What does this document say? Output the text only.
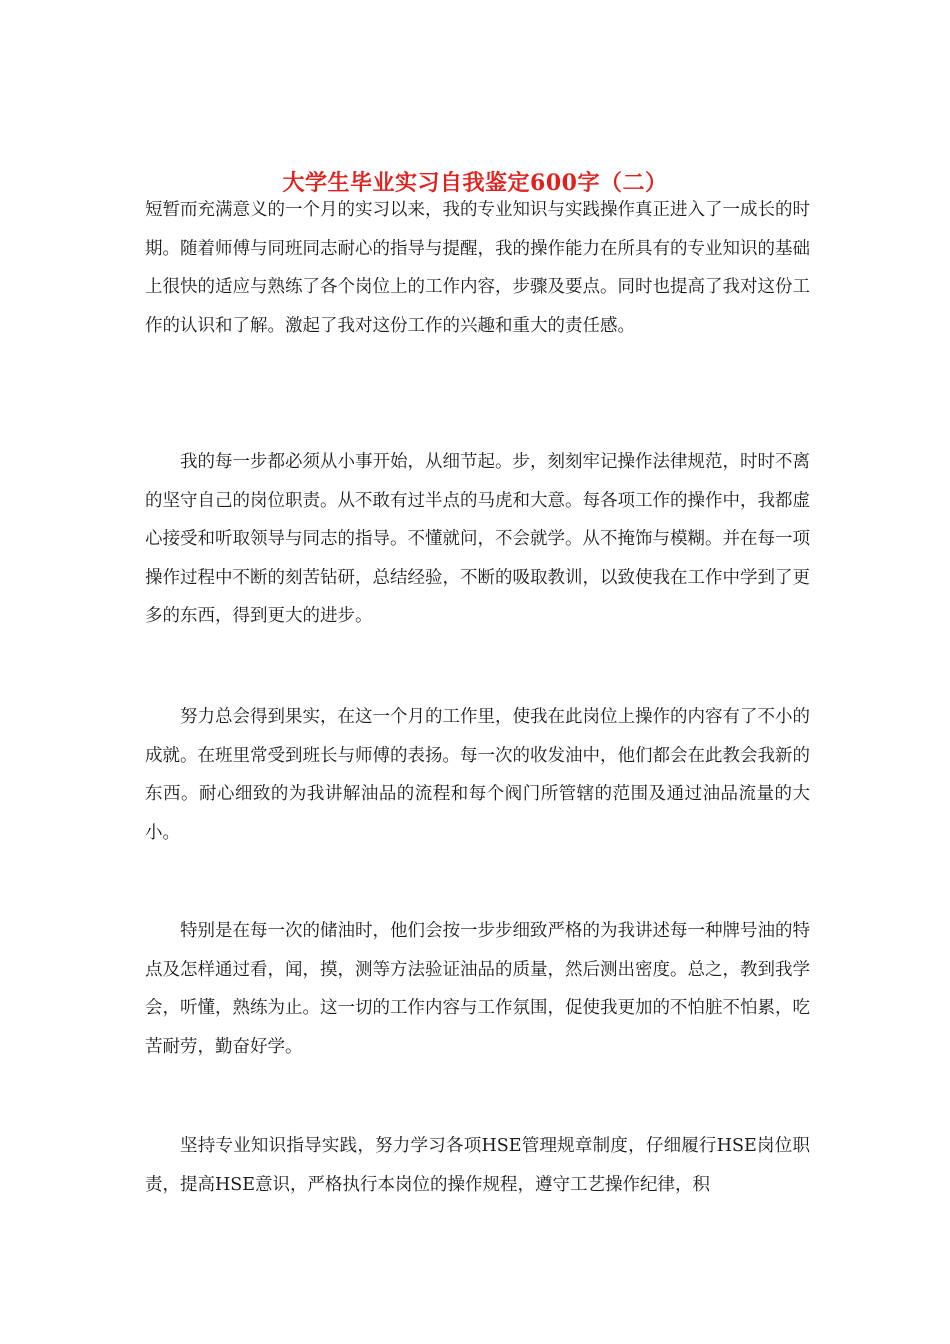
大学生毕业实习自我鉴定600字（二）

短暂而充满意义的一个月的实习以来，我的专业知识与实践操作真正进入了一成长的时期。随着师傅与同班同志耐心的指导与提醒，我的操作能力在所具有的专业知识的基础上很快的适应与熟练了各个岗位上的工作内容，步骤及要点。同时也提高了我对这份工作的认识和了解。激起了我对这份工作的兴趣和重大的责任感。

我的每一步都必须从小事开始，从细节起。步，刻刻牢记操作法律规范，时时不离的坚守自己的岗位职责。从不敢有过半点的马虎和大意。每各项工作的操作中，我都虚心接受和听取领导与同志的指导。不懂就问，不会就学。从不掩饰与模糊。并在每一项操作过程中不断的刻苦钻研，总结经验，不断的吸取教训，以致使我在工作中学到了更多的东西，得到更大的进步。

努力总会得到果实，在这一个月的工作里，使我在此岗位上操作的内容有了不小的成就。在班里常受到班长与师傅的表扬。每一次的收发油中，他们都会在此教会我新的东西。耐心细致的为我讲解油品的流程和每个阀门所管辖的范围及通过油品流量的大小。

特别是在每一次的储油时，他们会按一步步细致严格的为我讲述每一种牌号油的特点及怎样通过看，闻，摸，测等方法验证油品的质量，然后测出密度。总之，教到我学会，听懂，熟练为止。这一切的工作内容与工作氛围，促使我更加的不怕脏不怕累，吃苦耐劳，勤奋好学。

坚持专业知识指导实践，努力学习各项HSE管理规章制度，仔细履行HSE岗位职责，提高HSE意识，严格执行本岗位的操作规程，遵守工艺操作纪律，积
